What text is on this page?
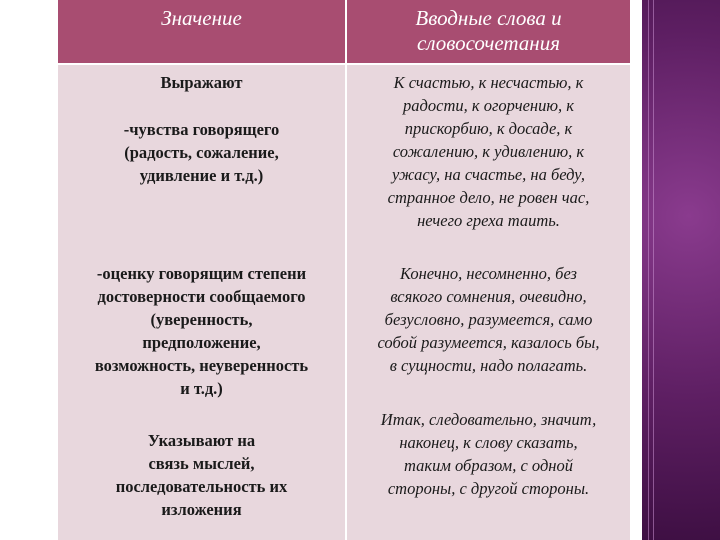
Значение	Вводные слова и
словосочетания
Выражают
-чувства говорящего
(радость, сожаление,
удивление и т.д.)
-оценку говорящим степени
достоверности сообщаемого
(уверенность,
предположение,
возможность, неуверенность
и т.д.)
Указывают на
связь мыслей,
последовательность их
изложения
К счастью, к несчастью, к
радости, к огорчению, к
прискорбию, к досаде, к
сожалению, к удивлению, к
ужасу, на счастье, на беду,
странное дело, не ровен час,
нечего греха таить.
Конечно, несомненно, без
всякого сомнения, очевидно,
безусловно, разумеется, само
собой разумеется, казалось бы,
в сущности, надо полагать.
Итак, следовательно, значит,
наконец, к слову сказать,
таким образом, с одной
стороны, с другой стороны.
